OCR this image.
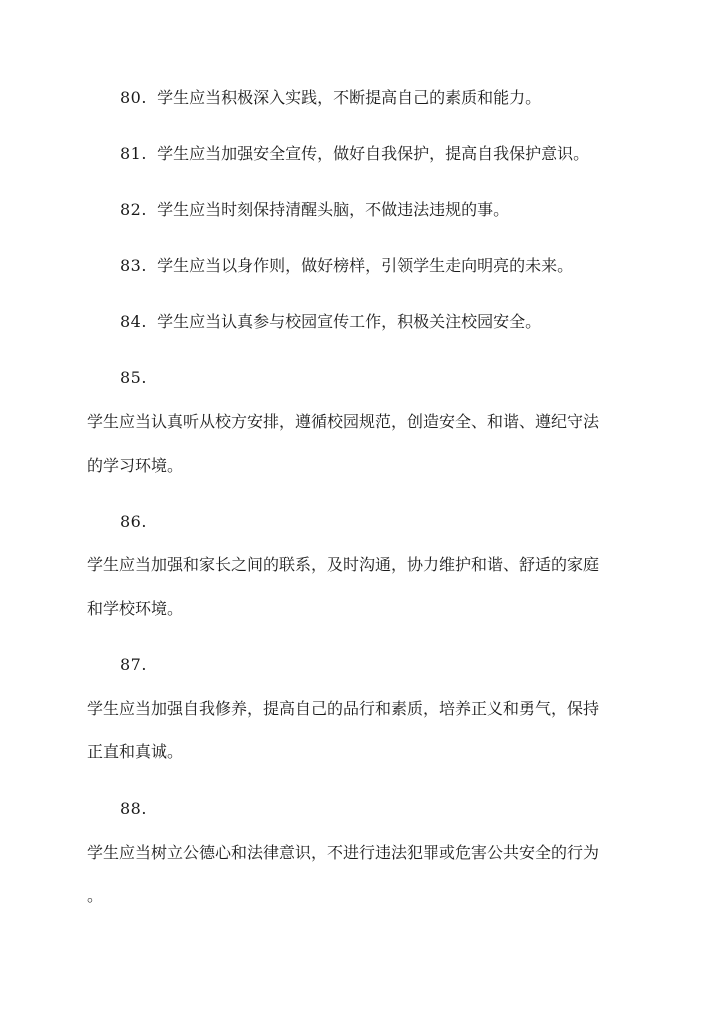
80. 学生应当积极深入实践，不断提高自己的素质和能力。

81. 学生应当加强安全宣传，做好自我保护，提高自我保护意识。

82. 学生应当时刻保持清醒头脑，不做违法违规的事。

83. 学生应当以身作则，做好榜样，引领学生走向明亮的未来。

84. 学生应当认真参与校园宣传工作，积极关注校园安全。

85.

学生应当认真听从校方安排，遵循校园规范，创造安全、和谐、遵纪守法

的学习环境。

86.

学生应当加强和家长之间的联系，及时沟通，协力维护和谐、舒适的家庭

和学校环境。

87.

学生应当加强自我修养，提高自己的品行和素质，培养正义和勇气，保持

正直和真诚。

88.

学生应当树立公德心和法律意识，不进行违法犯罪或危害公共安全的行为

。
